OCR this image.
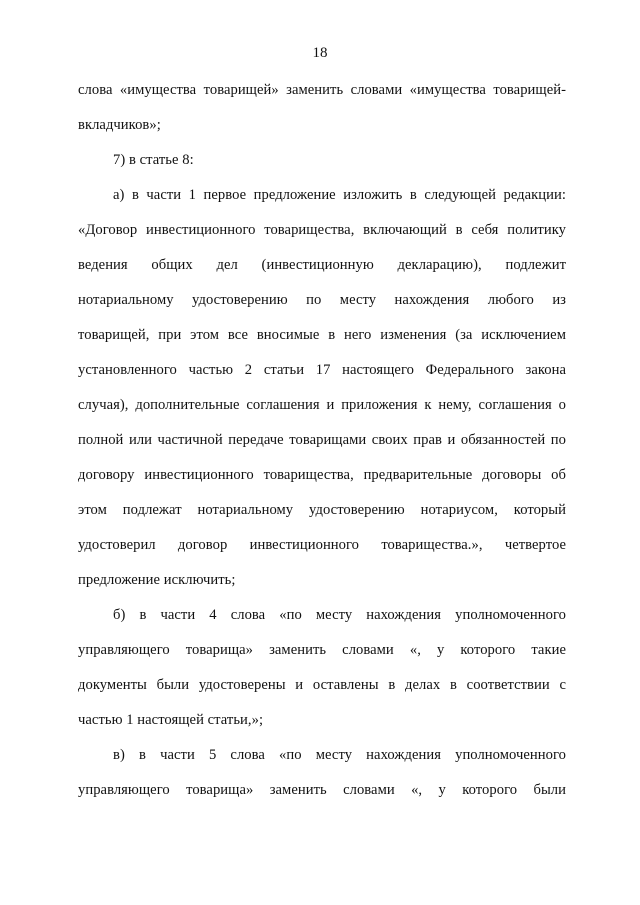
18
слова «имущества товарищей» заменить словами «имущества товарищей-
вкладчиков»;
7) в статье 8:
а) в части 1 первое предложение изложить в следующей редакции:
«Договор инвестиционного товарищества, включающий в себя политику
ведения общих дел (инвестиционную декларацию), подлежит
нотариальному удостоверению по месту нахождения любого из
товарищей, при этом все вносимые в него изменения (за исключением
установленного частью 2 статьи 17 настоящего Федерального закона
случая), дополнительные соглашения и приложения к нему, соглашения о
полной или частичной передаче товарищами своих прав и обязанностей по
договору инвестиционного товарищества, предварительные договоры об
этом подлежат нотариальному удостоверению нотариусом, который
удостоверил договор инвестиционного товарищества.», четвертое
предложение исключить;
б) в части 4 слова «по месту нахождения уполномоченного
управляющего товарища» заменить словами «, у которого такие
документы были удостоверены и оставлены в делах в соответствии с
частью 1 настоящей статьи,»;
в) в части 5 слова «по месту нахождения уполномоченного
управляющего товарища» заменить словами «, у которого были
